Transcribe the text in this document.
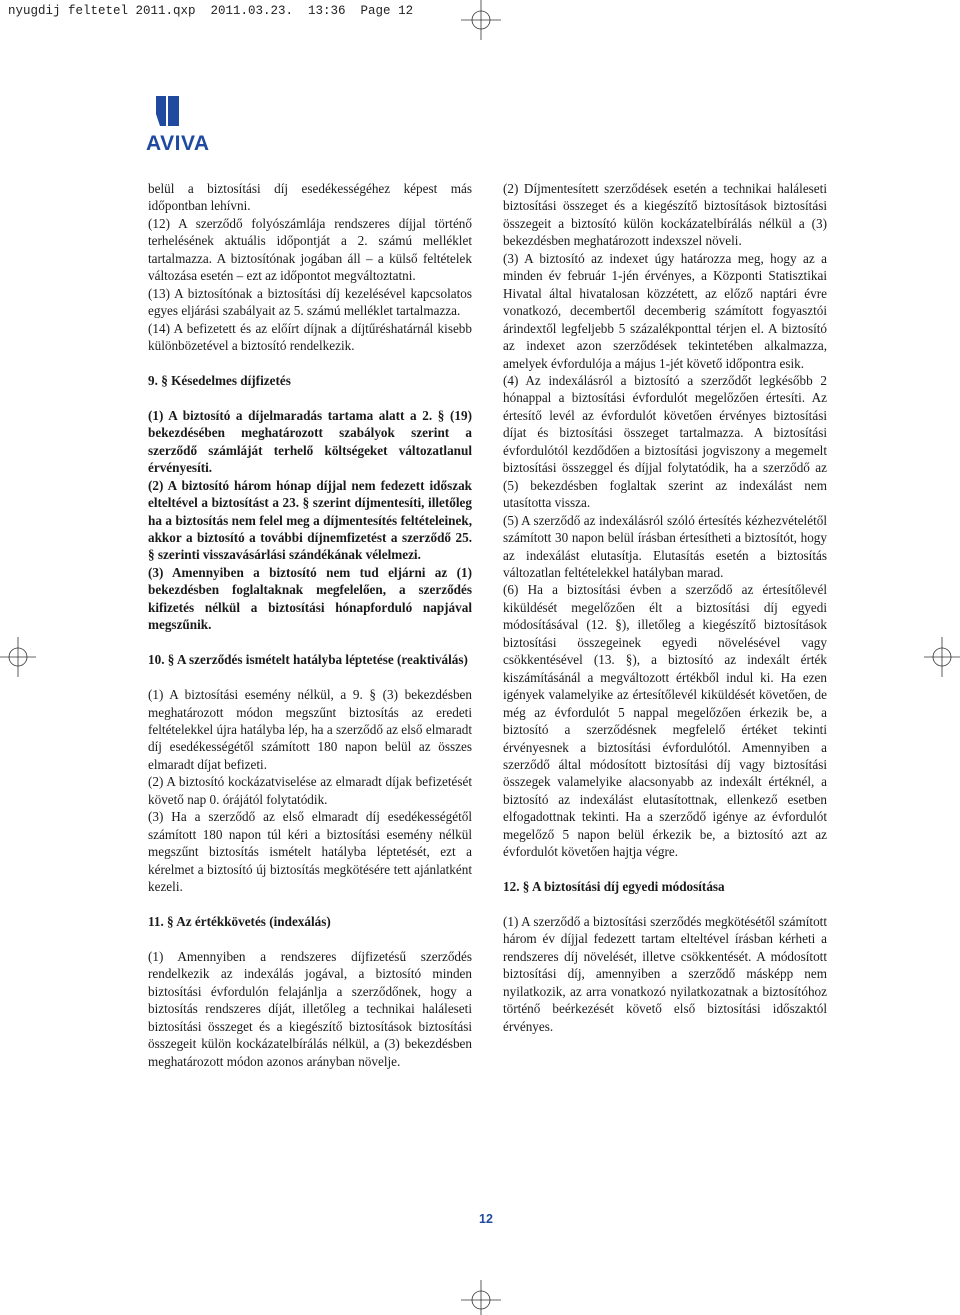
nyugdij feltetel 2011.qxp  2011.03.23.  13:36  Page 12
AVIVA

belül a biztosítási díj esedékességéhez képest más időpontban lehívni.

(12) A szerződő folyószámlája rendszeres díjjal történő terhelésének aktuális időpontját a 2. számú melléklet tartalmazza. A biztosítónak jogában áll – a külső feltételek változása esetén – ezt az időpontot megváltoztatni.

(13) A biztosítónak a biztosítási díj kezelésével kapcsolatos egyes eljárási szabályait az 5. számú melléklet tartalmazza.

(14) A befizetett és az előírt díjnak a díjtűréshatárnál kisebb különbözetével a biztosító rendelkezik.

9. § Késedelmes díjfizetés

(1) A biztosító a díjelmaradás tartama alatt a 2. § (19) bekezdésében meghatározott szabályok szerint a szerződő számláját terhelő költségeket változatlanul érvényesíti.

(2) A biztosító három hónap díjjal nem fedezett időszak elteltével a biztosítást a 23. § szerint díjmentesíti, illetőleg ha a biztosítás nem felel meg a díjmentesítés feltételeinek, akkor a biztosító a további díjnemfizetést a szerződő 25. § szerinti visszavásárlási szándékának vélelmezi.

(3) Amennyiben a biztosító nem tud eljárni az (1) bekezdésben foglaltaknak megfelelően, a szerződés kifizetés nélkül a biztosítási hónapforduló napjával megszűnik.

10. § A szerződés ismételt hatályba léptetése (reaktiválás)

(1) A biztosítási esemény nélkül, a 9. § (3) bekezdésben meghatározott módon megszűnt biztosítás az eredeti feltételekkel újra hatályba lép, ha a szerződő az első elmaradt díj esedékességétől számított 180 napon belül az összes elmaradt díjat befizeti.

(2) A biztosító kockázatviselése az elmaradt díjak befizetését követő nap 0. órájától folytatódik.

(3) Ha a szerződő az első elmaradt díj esedékességétől számított 180 napon túl kéri a biztosítási esemény nélkül megszűnt biztosítás ismételt hatályba léptetését, ezt a kérelmet a biztosító új biztosítás megkötésére tett ajánlatként kezeli.

11. § Az értékkövetés (indexálás)

(1) Amennyiben a rendszeres díjfizetésű szerződés rendelkezik az indexálás jogával, a biztosító minden biztosítási évfordulón felajánlja a szerződőnek, hogy a biztosítás rendszeres díját, illetőleg a technikai haláleseti biztosítási összeget és a kiegészítő biztosítások biztosítási összegeit külön kockázatelbírálás nélkül, a (3) bekezdésben meghatározott módon azonos arányban növelje.

(2) Díjmentesített szerződések esetén a technikai haláleseti biztosítási összeget és a kiegészítő biztosítások biztosítási összegeit a biztosító külön kockázatelbírálás nélkül a (3) bekezdésben meghatározott indexszel növeli.

(3) A biztosító az indexet úgy határozza meg, hogy az a minden év február 1-jén érvényes, a Központi Statisztikai Hivatal által hivatalosan közzétett, az előző naptári évre vonatkozó, decembertől decemberig számított fogyasztói árindextől legfeljebb 5 százalékponttal térjen el. A biztosító az indexet azon szerződések tekintetében alkalmazza, amelyek évfordulója a május 1-jét követő időpontra esik.

(4) Az indexálásról a biztosító a szerződőt legkésőbb 2 hónappal a biztosítási évfordulót megelőzően értesíti. Az értesítő levél az évfordulót követően érvényes biztosítási díjat és biztosítási összeget tartalmazza. A biztosítási évfordulótól kezdődően a biztosítási jogviszony a megemelt biztosítási összeggel és díjjal folytatódik, ha a szerződő az (5) bekezdésben foglaltak szerint az indexálást nem utasította vissza.

(5) A szerződő az indexálásról szóló értesítés kézhezvételétől számított 30 napon belül írásban értesítheti a biztosítót, hogy az indexálást elutasítja. Elutasítás esetén a biztosítás változatlan feltételekkel hatályban marad.

(6) Ha a biztosítási évben a szerződő az értesítőlevél kiküldését megelőzően élt a biztosítási díj egyedi módosításával (12. §), illetőleg a kiegészítő biztosítások biztosítási összegeinek egyedi növelésével vagy csökkentésével (13. §), a biztosító az indexált érték kiszámításánál a megváltozott értékből indul ki. Ha ezen igények valamelyike az értesítőlevél kiküldését követően, de még az évfordulót 5 nappal megelőzően érkezik be, a biztosító a szerződésnek megfelelő értéket tekinti érvényesnek a biztosítási évfordulótól. Amennyiben a szerződő által módosított biztosítási díj vagy biztosítási összegek valamelyike alacsonyabb az indexált értéknél, a biztosító az indexálást elutasítottnak, ellenkező esetben elfogadottnak tekinti. Ha a szerződő igénye az évfordulót megelőző 5 napon belül érkezik be, a biztosító azt az évfordulót követően hajtja végre.

12. § A biztosítási díj egyedi módosítása

(1) A szerződő a biztosítási szerződés megkötésétől számított három év díjjal fedezett tartam elteltével írásban kérheti a rendszeres díj növelését, illetve csökkentését. A módosított biztosítási díj, amennyiben a szerződő másképp nem nyilatkozik, az arra vonatkozó nyilatkozatnak a biztosítóhoz történő beérkezését követő első biztosítási időszaktól érvényes.

12
